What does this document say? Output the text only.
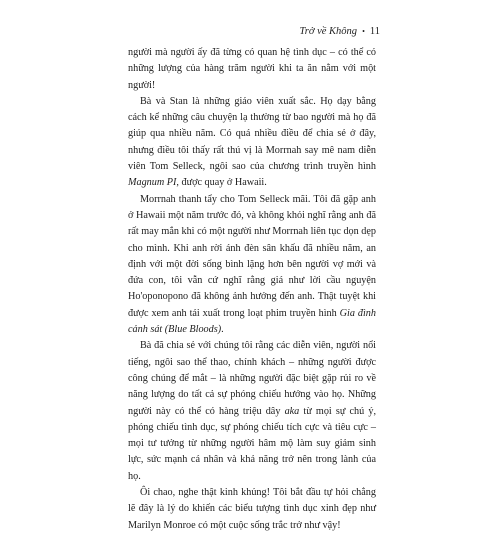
Trở về Không • 11

người mà người ấy đã từng có quan hệ tình dục – có thể có những lượng của hàng trăm người khi ta ăn nằm với một người!

Bà và Stan là những giáo viên xuất sắc. Họ dạy bằng cách kể những câu chuyện lạ thường từ bao người mà họ đã giúp qua nhiều năm. Có quá nhiều điều để chia sẻ ở đây, nhưng điều tôi thấy rất thú vị là Morrnah say mê nam diễn viên Tom Selleck, ngôi sao của chương trình truyền hình Magnum PI, được quay ở Hawaii.

Morrnah thanh tẩy cho Tom Selleck mãi. Tôi đã gặp anh ở Hawaii một năm trước đó, và không khỏi nghĩ rằng anh đã rất may mắn khi có một người như Morrnah liên tục dọn dẹp cho mình. Khi anh rời ánh đèn sân khấu đã nhiều năm, an định với một đời sống bình lặng hơn bên người vợ mới và đứa con, tôi vẫn cứ nghĩ rằng giá như lời cầu nguyện Ho'oponopono đã không ảnh hưởng đến anh. Thật tuyệt khi được xem anh tái xuất trong loạt phim truyền hình Gia đình cảnh sát (Blue Bloods).

Bà đã chia sẻ với chúng tôi rằng các diễn viên, người nổi tiếng, ngôi sao thể thao, chính khách – những người được công chúng để mắt – là những người đặc biệt gặp rủi ro về năng lượng do tất cả sự phóng chiếu hướng vào họ. Những người này có thể có hàng triệu dây aka từ mọi sự chú ý, phóng chiếu tình dục, sự phóng chiếu tích cực và tiêu cực – mọi tư tưởng từ những người hâm mộ làm suy giảm sinh lực, sức mạnh cá nhân và khả năng trở nên trong lành của họ.

Ôi chao, nghe thật kinh khủng! Tôi bắt đầu tự hỏi chẳng lẽ đây là lý do khiến các biểu tượng tình dục xinh đẹp như Marilyn Monroe có một cuộc sống trắc trở như vậy!
